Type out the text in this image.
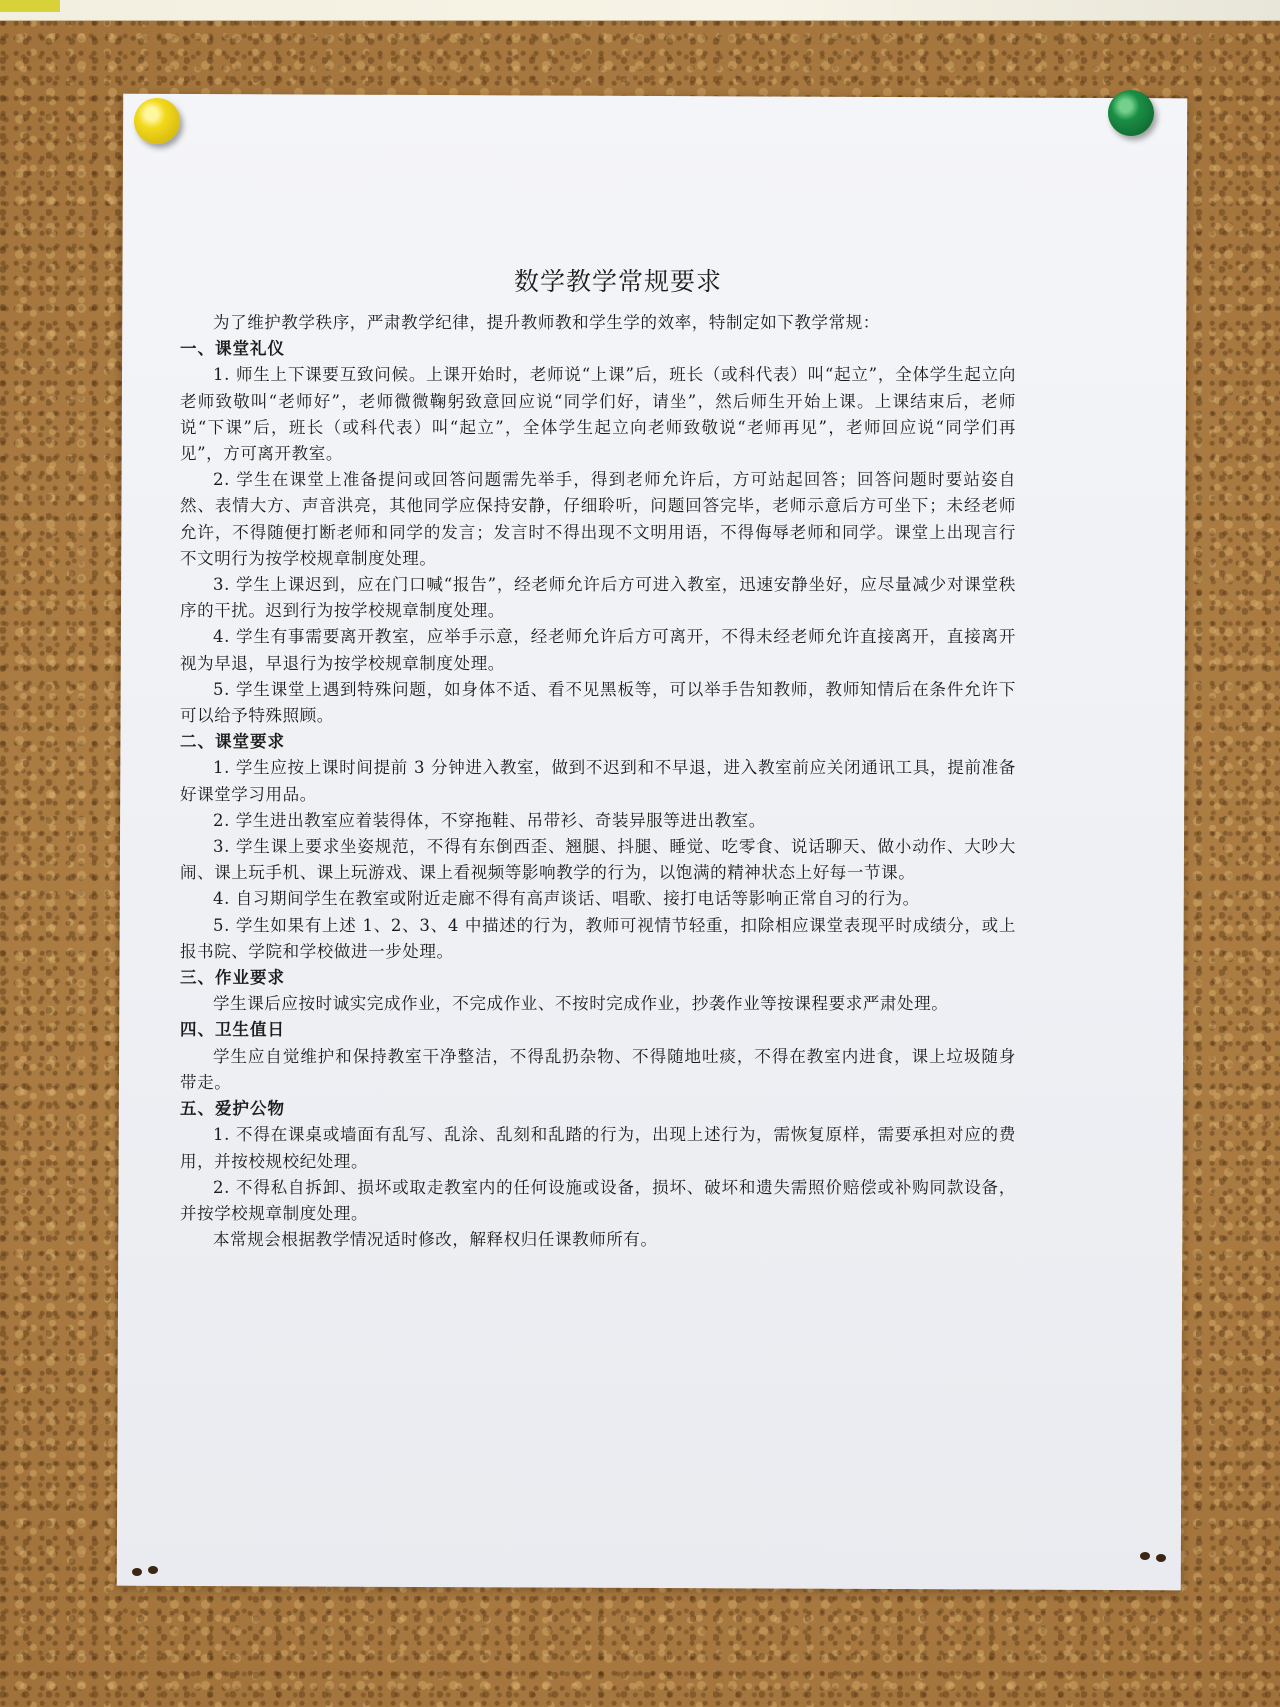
数学教学常规要求

为了维护教学秩序，严肃教学纪律，提升教师教和学生学的效率，特制定如下教学常规：

一、课堂礼仪

1. 师生上下课要互致问候。上课开始时，老师说“上课”后，班长（或科代表）叫“起立”，全体学生起立向老师致敬叫“老师好”，老师微微鞠躬致意回应说“同学们好，请坐”，然后师生开始上课。上课结束后，老师说“下课”后，班长（或科代表）叫“起立”，全体学生起立向老师致敬说“老师再见”，老师回应说“同学们再见”，方可离开教室。

2. 学生在课堂上准备提问或回答问题需先举手，得到老师允许后，方可站起回答；回答问题时要站姿自然、表情大方、声音洪亮，其他同学应保持安静，仔细聆听，问题回答完毕，老师示意后方可坐下；未经老师允许，不得随便打断老师和同学的发言；发言时不得出现不文明用语，不得侮辱老师和同学。课堂上出现言行不文明行为按学校规章制度处理。

3. 学生上课迟到，应在门口喊“报告”，经老师允许后方可进入教室，迅速安静坐好，应尽量减少对课堂秩序的干扰。迟到行为按学校规章制度处理。

4. 学生有事需要离开教室，应举手示意，经老师允许后方可离开，不得未经老师允许直接离开，直接离开视为早退，早退行为按学校规章制度处理。

5. 学生课堂上遇到特殊问题，如身体不适、看不见黑板等，可以举手告知教师，教师知情后在条件允许下可以给予特殊照顾。

二、课堂要求

1. 学生应按上课时间提前 3 分钟进入教室，做到不迟到和不早退，进入教室前应关闭通讯工具，提前准备好课堂学习用品。

2. 学生进出教室应着装得体，不穿拖鞋、吊带衫、奇装异服等进出教室。

3. 学生课上要求坐姿规范，不得有东倒西歪、翘腿、抖腿、睡觉、吃零食、说话聊天、做小动作、大吵大闹、课上玩手机、课上玩游戏、课上看视频等影响教学的行为，以饱满的精神状态上好每一节课。

4. 自习期间学生在教室或附近走廊不得有高声谈话、唱歌、接打电话等影响正常自习的行为。

5. 学生如果有上述 1、2、3、4 中描述的行为，教师可视情节轻重，扣除相应课堂表现平时成绩分，或上报书院、学院和学校做进一步处理。

三、作业要求

学生课后应按时诚实完成作业，不完成作业、不按时完成作业，抄袭作业等按课程要求严肃处理。

四、卫生值日

学生应自觉维护和保持教室干净整洁，不得乱扔杂物、不得随地吐痰，不得在教室内进食，课上垃圾随身带走。

五、爱护公物

1. 不得在课桌或墙面有乱写、乱涂、乱刻和乱踏的行为，出现上述行为，需恢复原样，需要承担对应的费用，并按校规校纪处理。

2. 不得私自拆卸、损坏或取走教室内的任何设施或设备，损坏、破坏和遗失需照价赔偿或补购同款设备，并按学校规章制度处理。

本常规会根据教学情况适时修改，解释权归任课教师所有。
